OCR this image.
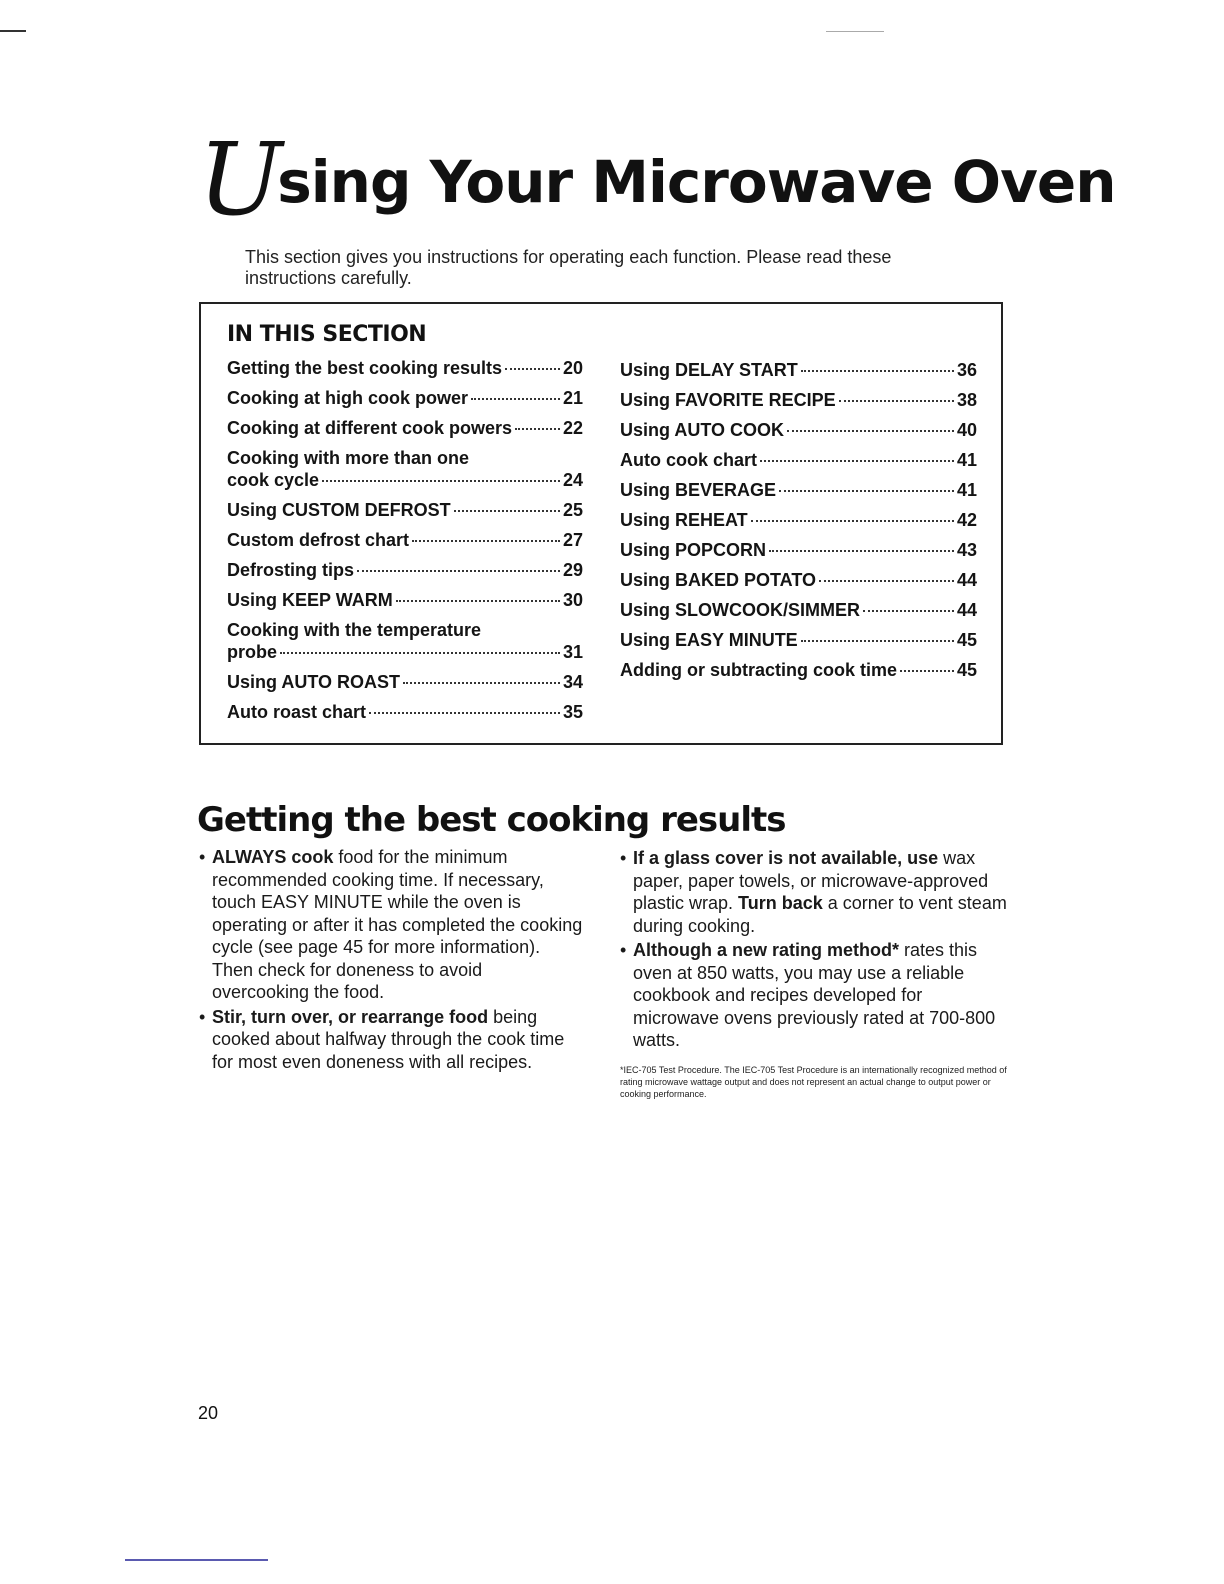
Using Your Microwave Oven

This section gives you instructions for operating each function. Please read these instructions carefully.

IN THIS SECTION
Getting the best cooking results	20
Cooking at high cook power	21
Cooking at different cook powers	22
Cooking with more than one
cook cycle	24
Using CUSTOM DEFROST	25
Custom defrost chart	27
Defrosting tips	29
Using KEEP WARM	30
Cooking with the temperature
probe	31
Using AUTO ROAST	34
Auto roast chart	35
Using DELAY START	36
Using FAVORITE RECIPE	38
Using AUTO COOK	40
Auto cook chart	41
Using BEVERAGE	41
Using REHEAT	42
Using POPCORN	43
Using BAKED POTATO	44
Using SLOWCOOK/SIMMER	44
Using EASY MINUTE	45
Adding or subtracting cook time	45
Getting the best cooking results
• ALWAYS cook food for the minimum recommended cooking time. If necessary, touch EASY MINUTE while the oven is operating or after it has completed the cooking cycle (see page 45 for more information). Then check for doneness to avoid overcooking the food.
• Stir, turn over, or rearrange food being cooked about halfway through the cook time for most even doneness with all recipes.
• If a glass cover is not available, use wax paper, paper towels, or microwave-approved plastic wrap. Turn back a corner to vent steam during cooking.
• Although a new rating method* rates this oven at 850 watts, you may use a reliable cookbook and recipes developed for microwave ovens previously rated at 700-800 watts.

*IEC-705 Test Procedure. The IEC-705 Test Procedure is an internationally recognized method of rating microwave wattage output and does not represent an actual change to output power or cooking performance.

20
